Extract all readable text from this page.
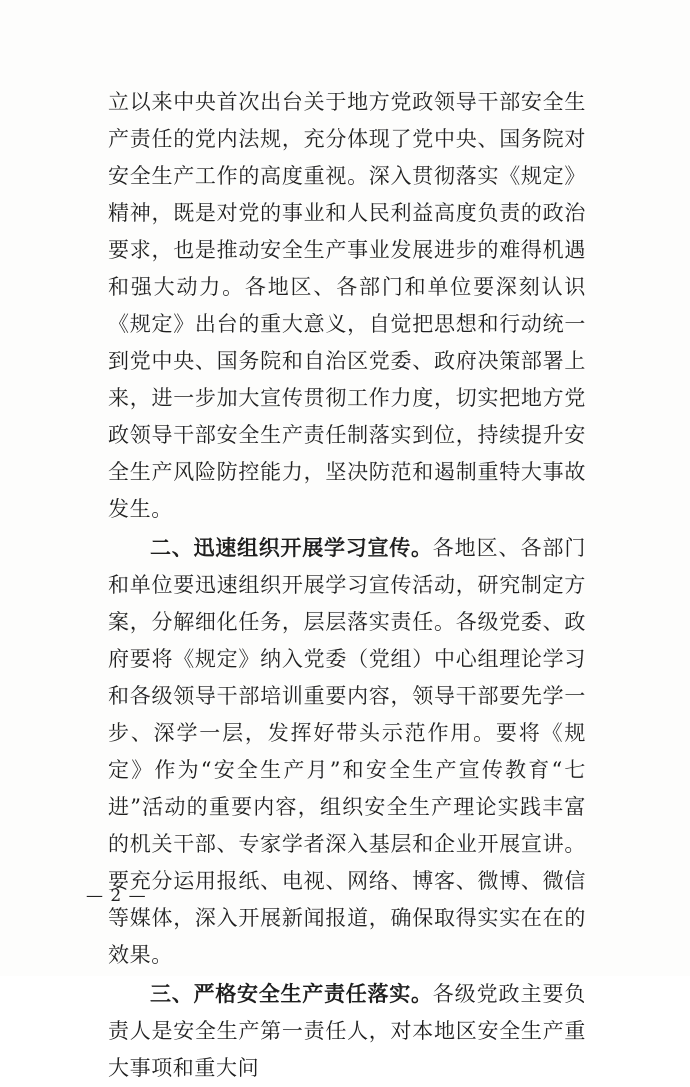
立以来中央首次出台关于地方党政领导干部安全生产责任的党内法规，充分体现了党中央、国务院对安全生产工作的高度重视。深入贯彻落实《规定》精神，既是对党的事业和人民利益高度负责的政治要求，也是推动安全生产事业发展进步的难得机遇和强大动力。各地区、各部门和单位要深刻认识《规定》出台的重大意义，自觉把思想和行动统一到党中央、国务院和自治区党委、政府决策部署上来，进一步加大宣传贯彻工作力度，切实把地方党政领导干部安全生产责任制落实到位，持续提升安全生产风险防控能力，坚决防范和遏制重特大事故发生。

二、迅速组织开展学习宣传。各地区、各部门和单位要迅速组织开展学习宣传活动，研究制定方案，分解细化任务，层层落实责任。各级党委、政府要将《规定》纳入党委（党组）中心组理论学习和各级领导干部培训重要内容，领导干部要先学一步、深学一层，发挥好带头示范作用。要将《规定》作为“安全生产月”和安全生产宣传教育“七进”活动的重要内容，组织安全生产理论实践丰富的机关干部、专家学者深入基层和企业开展宣讲。要充分运用报纸、电视、网络、博客、微博、微信等媒体，深入开展新闻报道，确保取得实实在在的效果。

三、严格安全生产责任落实。各级党政主要负责人是安全生产第一责任人，对本地区安全生产重大事项和重大问

— 2 —
